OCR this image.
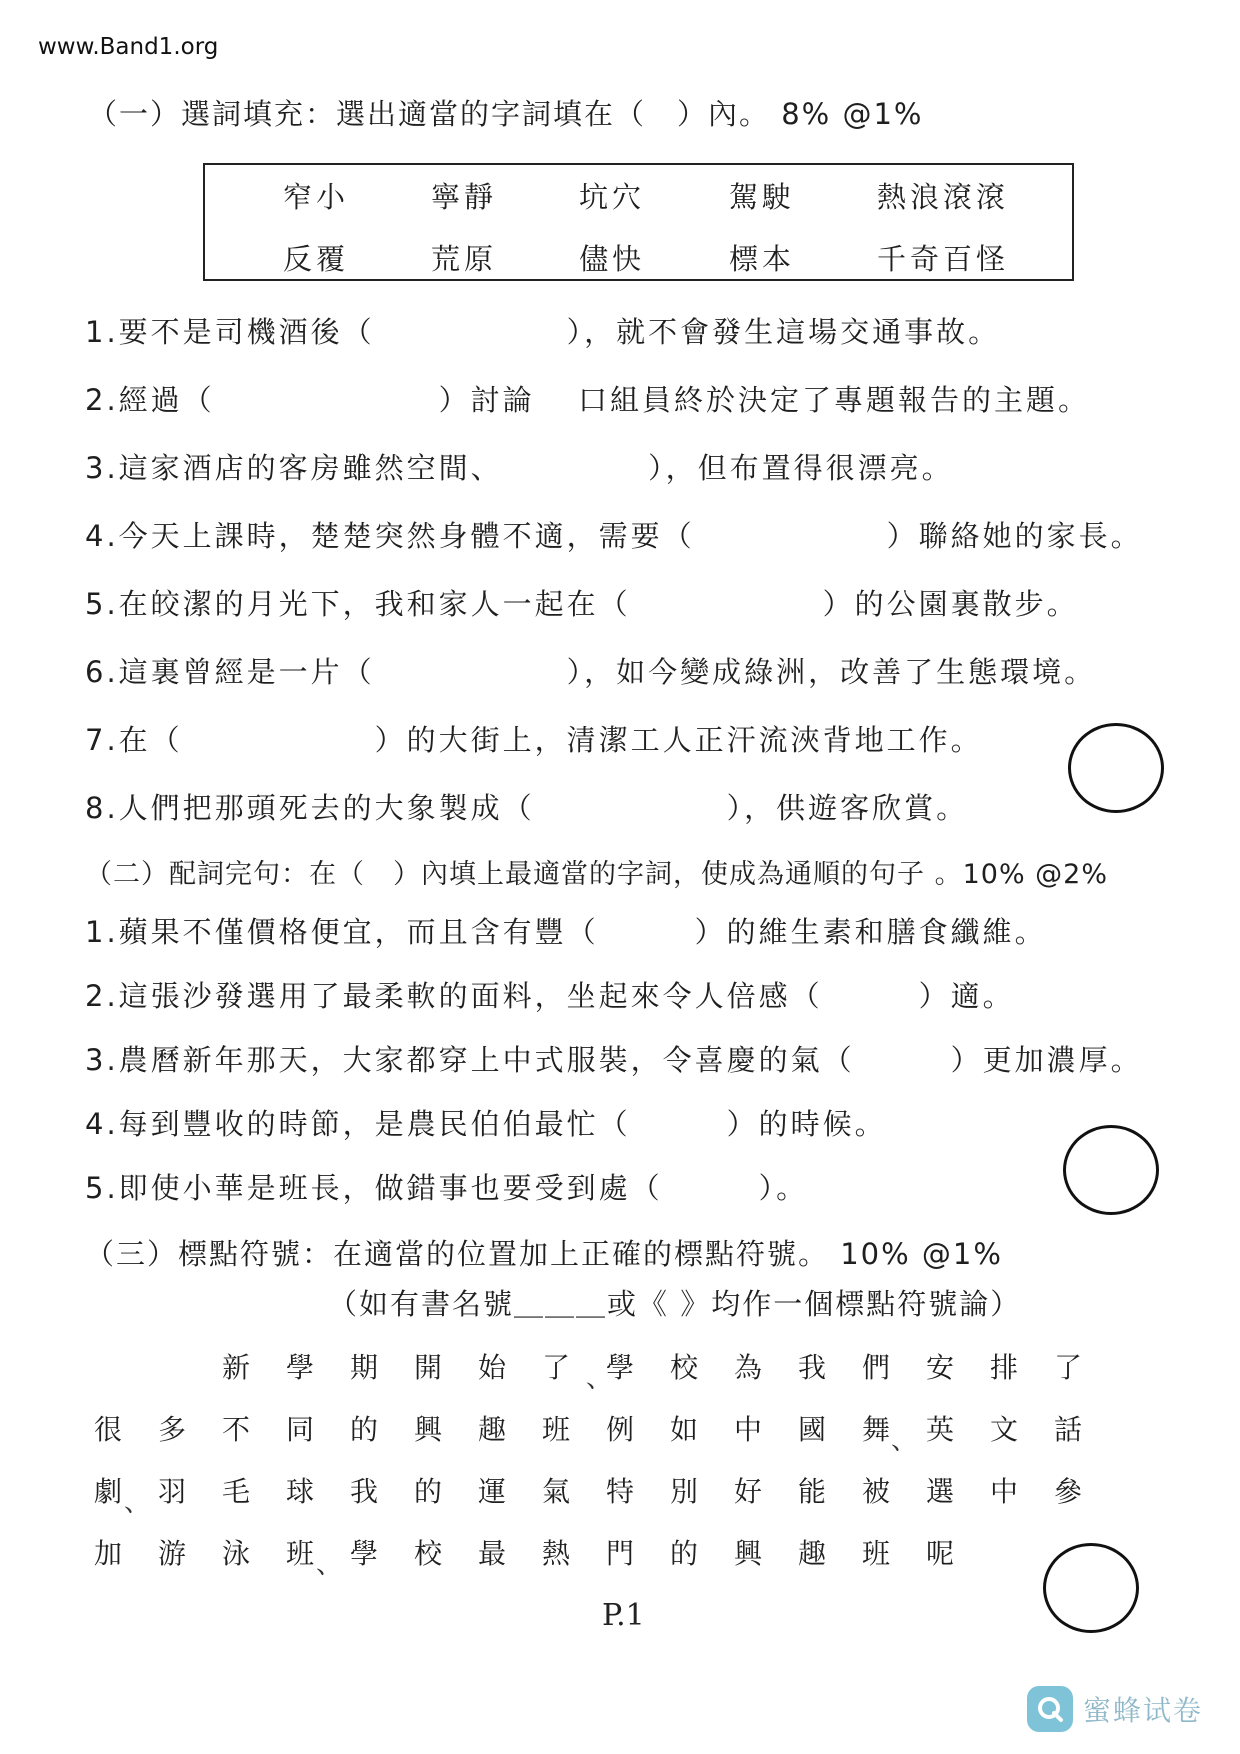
www.Band1.org
（一）選詞填充：選出適當的字詞填在（　）內。 8% @1%
窄小	寧靜	坑穴	駕駛	熱浪滾滾
反覆	荒原	儘快	標本	千奇百怪
1.要不是司機酒後（　　　　　　），就不會發生這場交通事故。
2.經過（　　　　　　　）討論 口組員終於決定了專題報告的主題。
3.這家酒店的客房雖然空間、　　　　　），但布置得很漂亮。
4.今天上課時，楚楚突然身體不適，需要（　　　　　　）聯絡她的家長。
5.在皎潔的月光下，我和家人一起在（　　　　　　）的公園裏散步。
6.這裏曾經是一片（　　　　　　），如今變成綠洲，改善了生態環境。
7.在（　　　　　　）的大街上，清潔工人正汗流浹背地工作。
8.人們把那頭死去的大象製成（　　　　　　），供遊客欣賞。
（二）配詞完句：在（　）內填上最適當的字詞，使成為通順的句子 。10% @2%
1.蘋果不僅價格便宜，而且含有豐（　　　）的維生素和膳食纖維。
2.這張沙發選用了最柔軟的面料，坐起來令人倍感（　　　）適。
3.農曆新年那天，大家都穿上中式服裝，令喜慶的氣（　　　）更加濃厚。
4.每到豐收的時節，是農民伯伯最忙（　　　）的時候。
5.即使小華是班長，做錯事也要受到處（　　　）。
（三）標點符號：在適當的位置加上正確的標點符號。 10% @1%
（如有書名號＿＿＿或《 》均作一個標點符號論）
新 學 期 開 始 了 學 校 為 我 們 安 排 了
、
很 多 不 同 的 興 趣 班 例 如 中 國 舞 英 文 話
、
劇 羽 毛 球 我 的 運 氣 特 別 好 能 被 選 中 參
、
加 游 泳 班 學 校 最 熱 門 的 興 趣 班 呢
、
P.1
蜜蜂试卷
